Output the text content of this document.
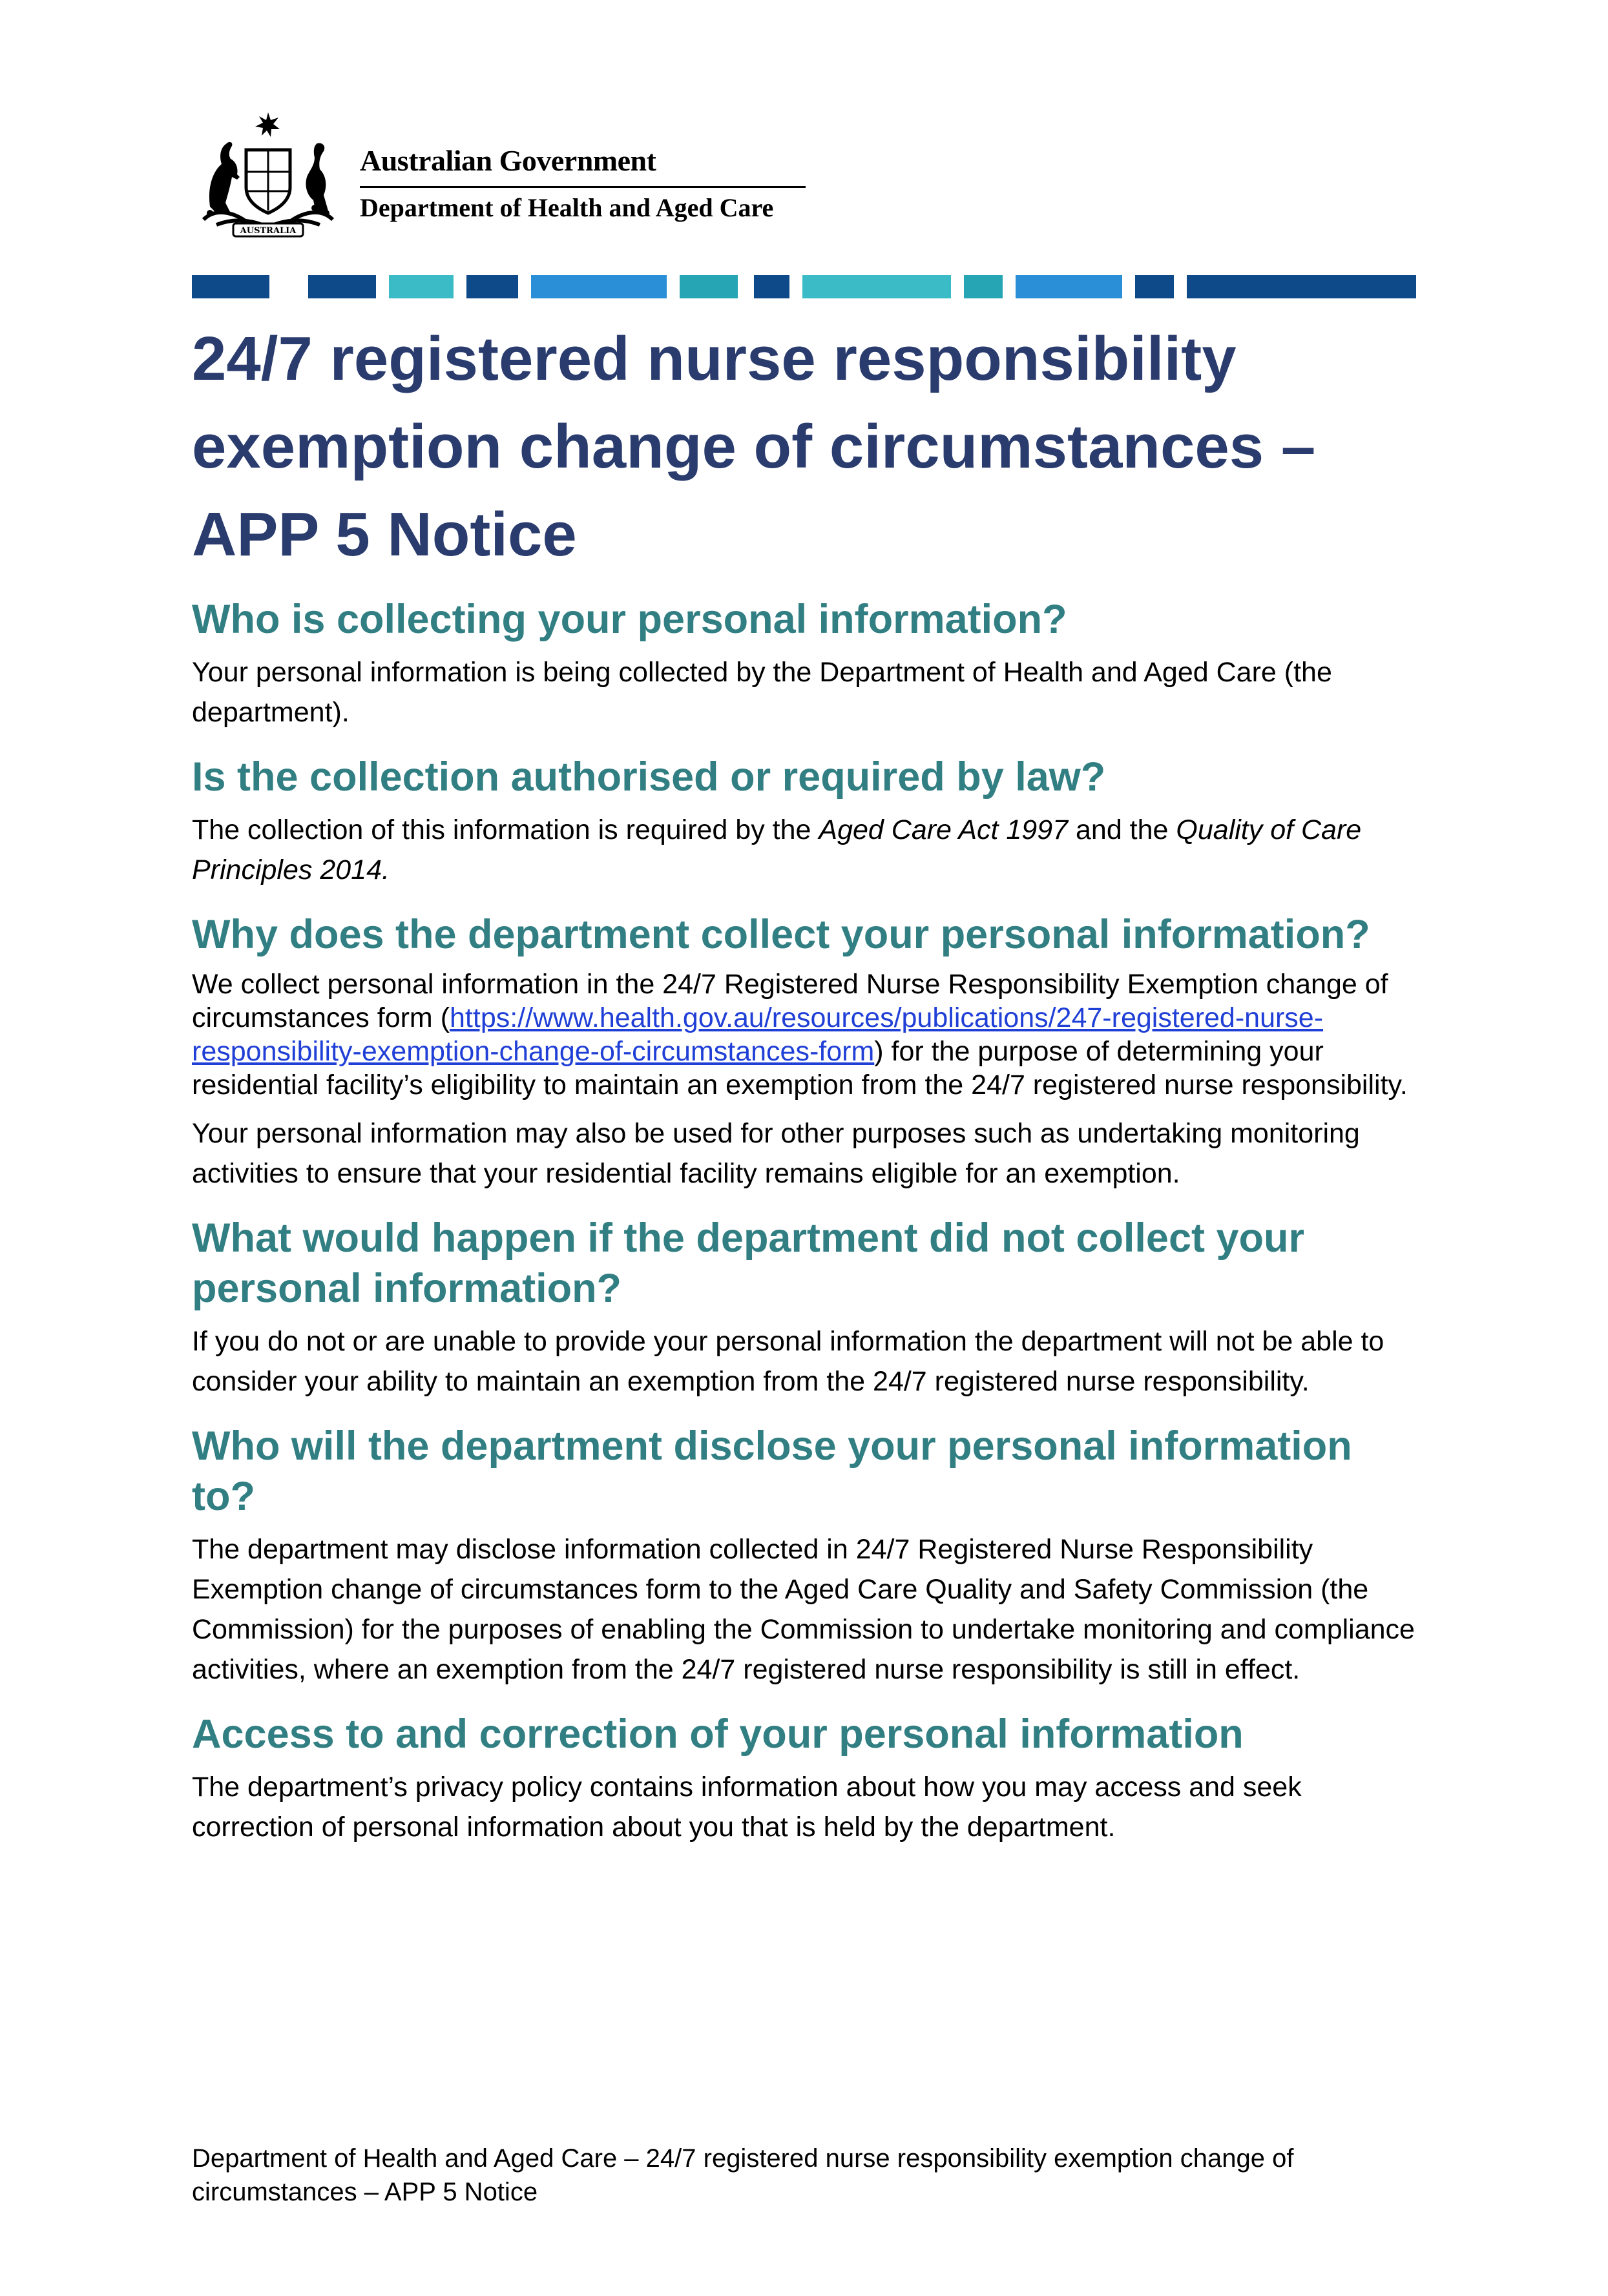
AUSTRALIA
Australian Government
Department of Health and Aged Care
24/7 registered nurse responsibility exemption change of circumstances – APP 5 Notice
Who is collecting your personal information?

Your personal information is being collected by the Department of Health and Aged Care (the department).

Is the collection authorised or required by law?

The collection of this information is required by the Aged Care Act 1997 and the Quality of Care Principles 2014.

Why does the department collect your personal information?

We collect personal information in the 24/7 Registered Nurse Responsibility Exemption change of circumstances form (https://www.health.gov.au/resources/publications/247-registered-nurse-responsibility-exemption-change-of-circumstances-form) for the purpose of determining your residential facility’s eligibility to maintain an exemption from the 24/7 registered nurse responsibility.

Your personal information may also be used for other purposes such as undertaking monitoring activities to ensure that your residential facility remains eligible for an exemption.

What would happen if the department did not collect your personal information?

If you do not or are unable to provide your personal information the department will not be able to consider your ability to maintain an exemption from the 24/7 registered nurse responsibility.

Who will the department disclose your personal information to?

The department may disclose information collected in 24/7 Registered Nurse Responsibility Exemption change of circumstances form to the Aged Care Quality and Safety Commission (the Commission) for the purposes of enabling the Commission to undertake monitoring and compliance activities, where an exemption from the 24/7 registered nurse responsibility is still in effect.

Access to and correction of your personal information

The department’s privacy policy contains information about how you may access and seek correction of personal information about you that is held by the department.

Department of Health and Aged Care – 24/7 registered nurse responsibility exemption change of circumstances – APP 5 Notice
